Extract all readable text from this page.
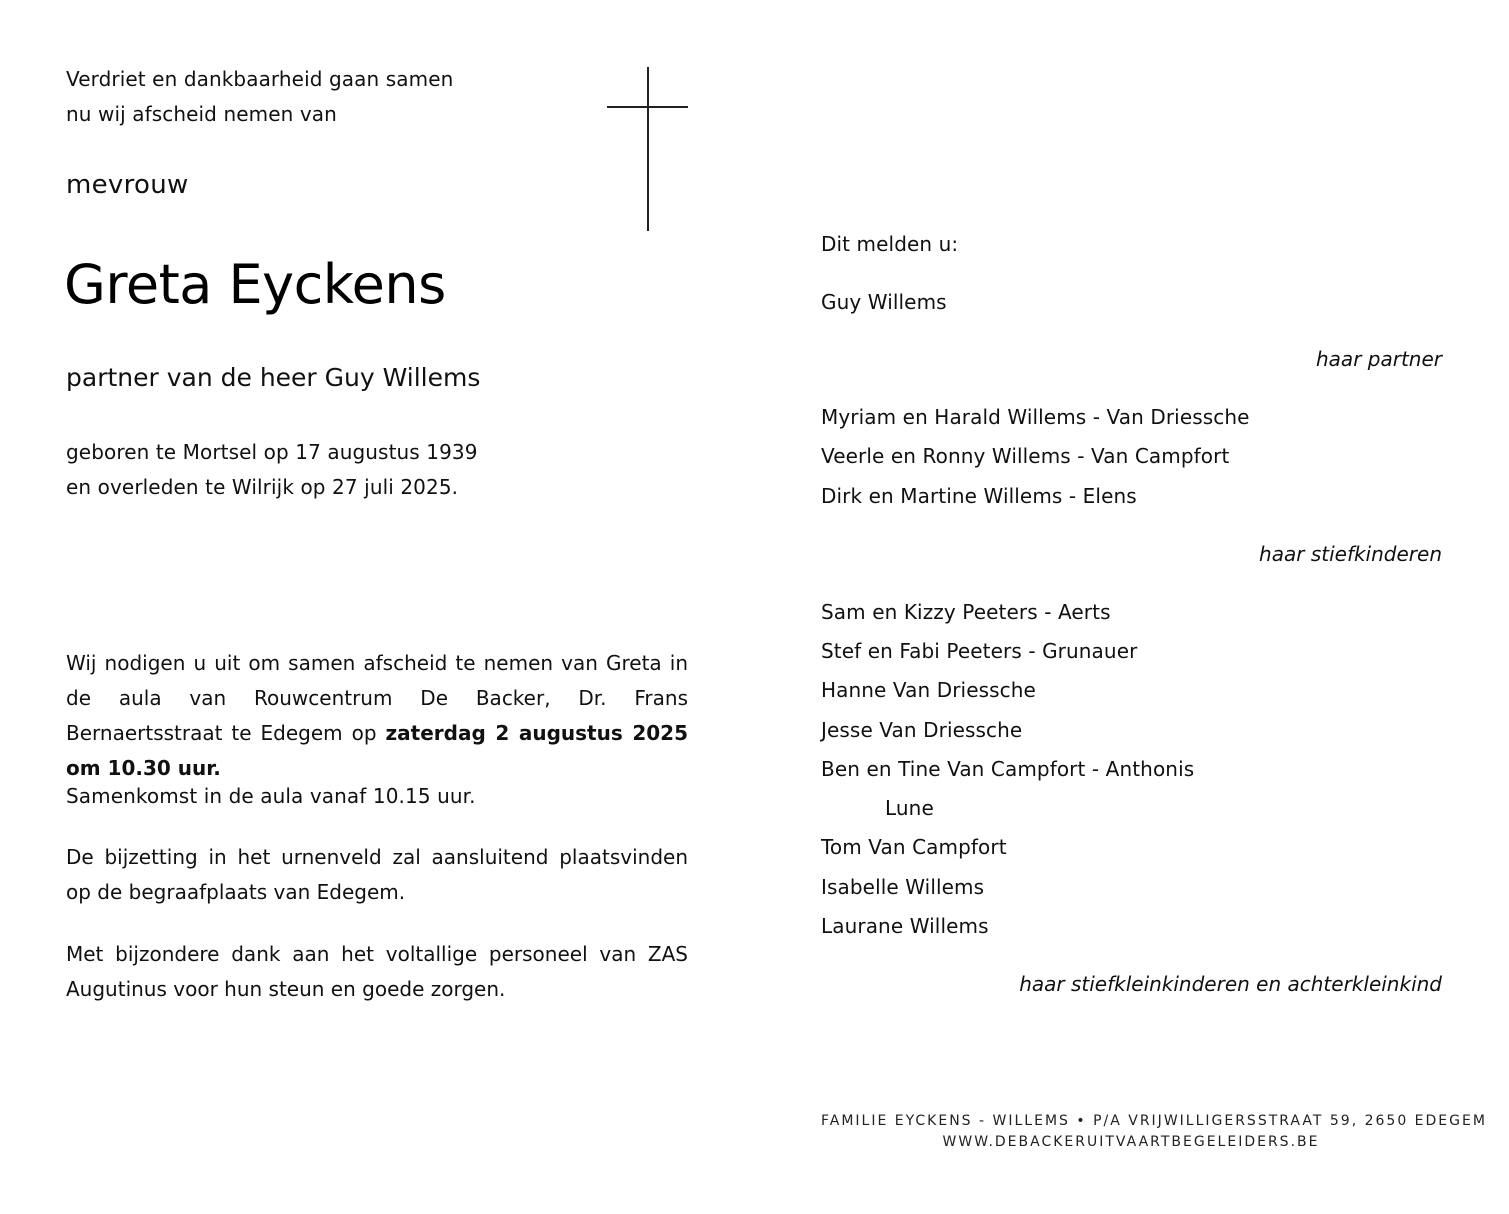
Verdriet en dankbaarheid gaan samen
nu wij afscheid nemen van
mevrouw
Greta Eyckens
partner van de heer Guy Willems
geboren te Mortsel op 17 augustus 1939
en overleden te Wilrijk op 27 juli 2025.
Wij nodigen u uit om samen afscheid te nemen van Greta in de aula van Rouwcentrum De Backer, Dr. Frans Bernaertsstraat te Edegem op zaterdag 2 augustus 2025 om 10.30 uur.
Samenkomst in de aula vanaf 10.15 uur.
De bijzetting in het urnenveld zal aansluitend plaatsvinden op de begraafplaats van Edegem.
Met bijzondere dank aan het voltallige personeel van ZAS Augutinus voor hun steun en goede zorgen.
Dit melden u:
Guy Willems
haar partner
Myriam en Harald Willems - Van Driessche
Veerle en Ronny Willems - Van Campfort
Dirk en Martine Willems - Elens
haar stiefkinderen
Sam en Kizzy Peeters - Aerts
Stef en Fabi Peeters - Grunauer
Hanne Van Driessche
Jesse Van Driessche
Ben en Tine Van Campfort - Anthonis
Lune
Tom Van Campfort
Isabelle Willems
Laurane Willems
haar stiefkleinkinderen en achterkleinkind
FAMILIE EYCKENS - WILLEMS • P/A VRIJWILLIGERSSTRAAT 59, 2650 EDEGEM
WWW.DEBACKERUITVAARTBEGELEIDERS.BE
